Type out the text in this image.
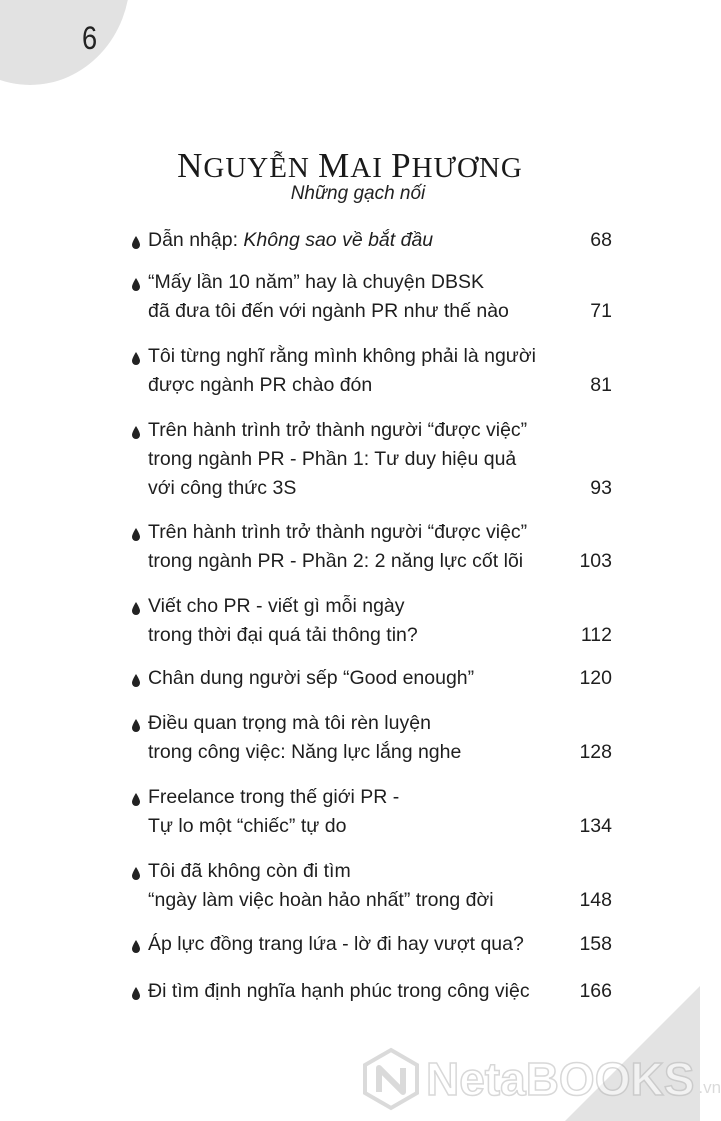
6
NGUYỄN MAI PHƯƠNG
Những gạch nối
Dẫn nhập: Không sao về bắt đầu	68
“Mấy lần 10 năm” hay là chuyện DBSK
đã đưa tôi đến với ngành PR như thế nào	71
Tôi từng nghĩ rằng mình không phải là người
được ngành PR chào đón	81
Trên hành trình trở thành người “được việc”
trong ngành PR - Phần 1: Tư duy hiệu quả
với công thức 3S	93
Trên hành trình trở thành người “được việc”
trong ngành PR - Phần 2: 2 năng lực cốt lõi	103
Viết cho PR - viết gì mỗi ngày
trong thời đại quá tải thông tin?	112
Chân dung người sếp “Good enough”	120
Điều quan trọng mà tôi rèn luyện
trong công việc: Năng lực lắng nghe	128
Freelance trong thế giới PR -
Tự lo một “chiếc” tự do	134
Tôi đã không còn đi tìm
“ngày làm việc hoàn hảo nhất” trong đời	148
Áp lực đồng trang lứa - lờ đi hay vượt qua?	158
Đi tìm định nghĩa hạnh phúc trong công việc	166
NetaBOOKS .vn
